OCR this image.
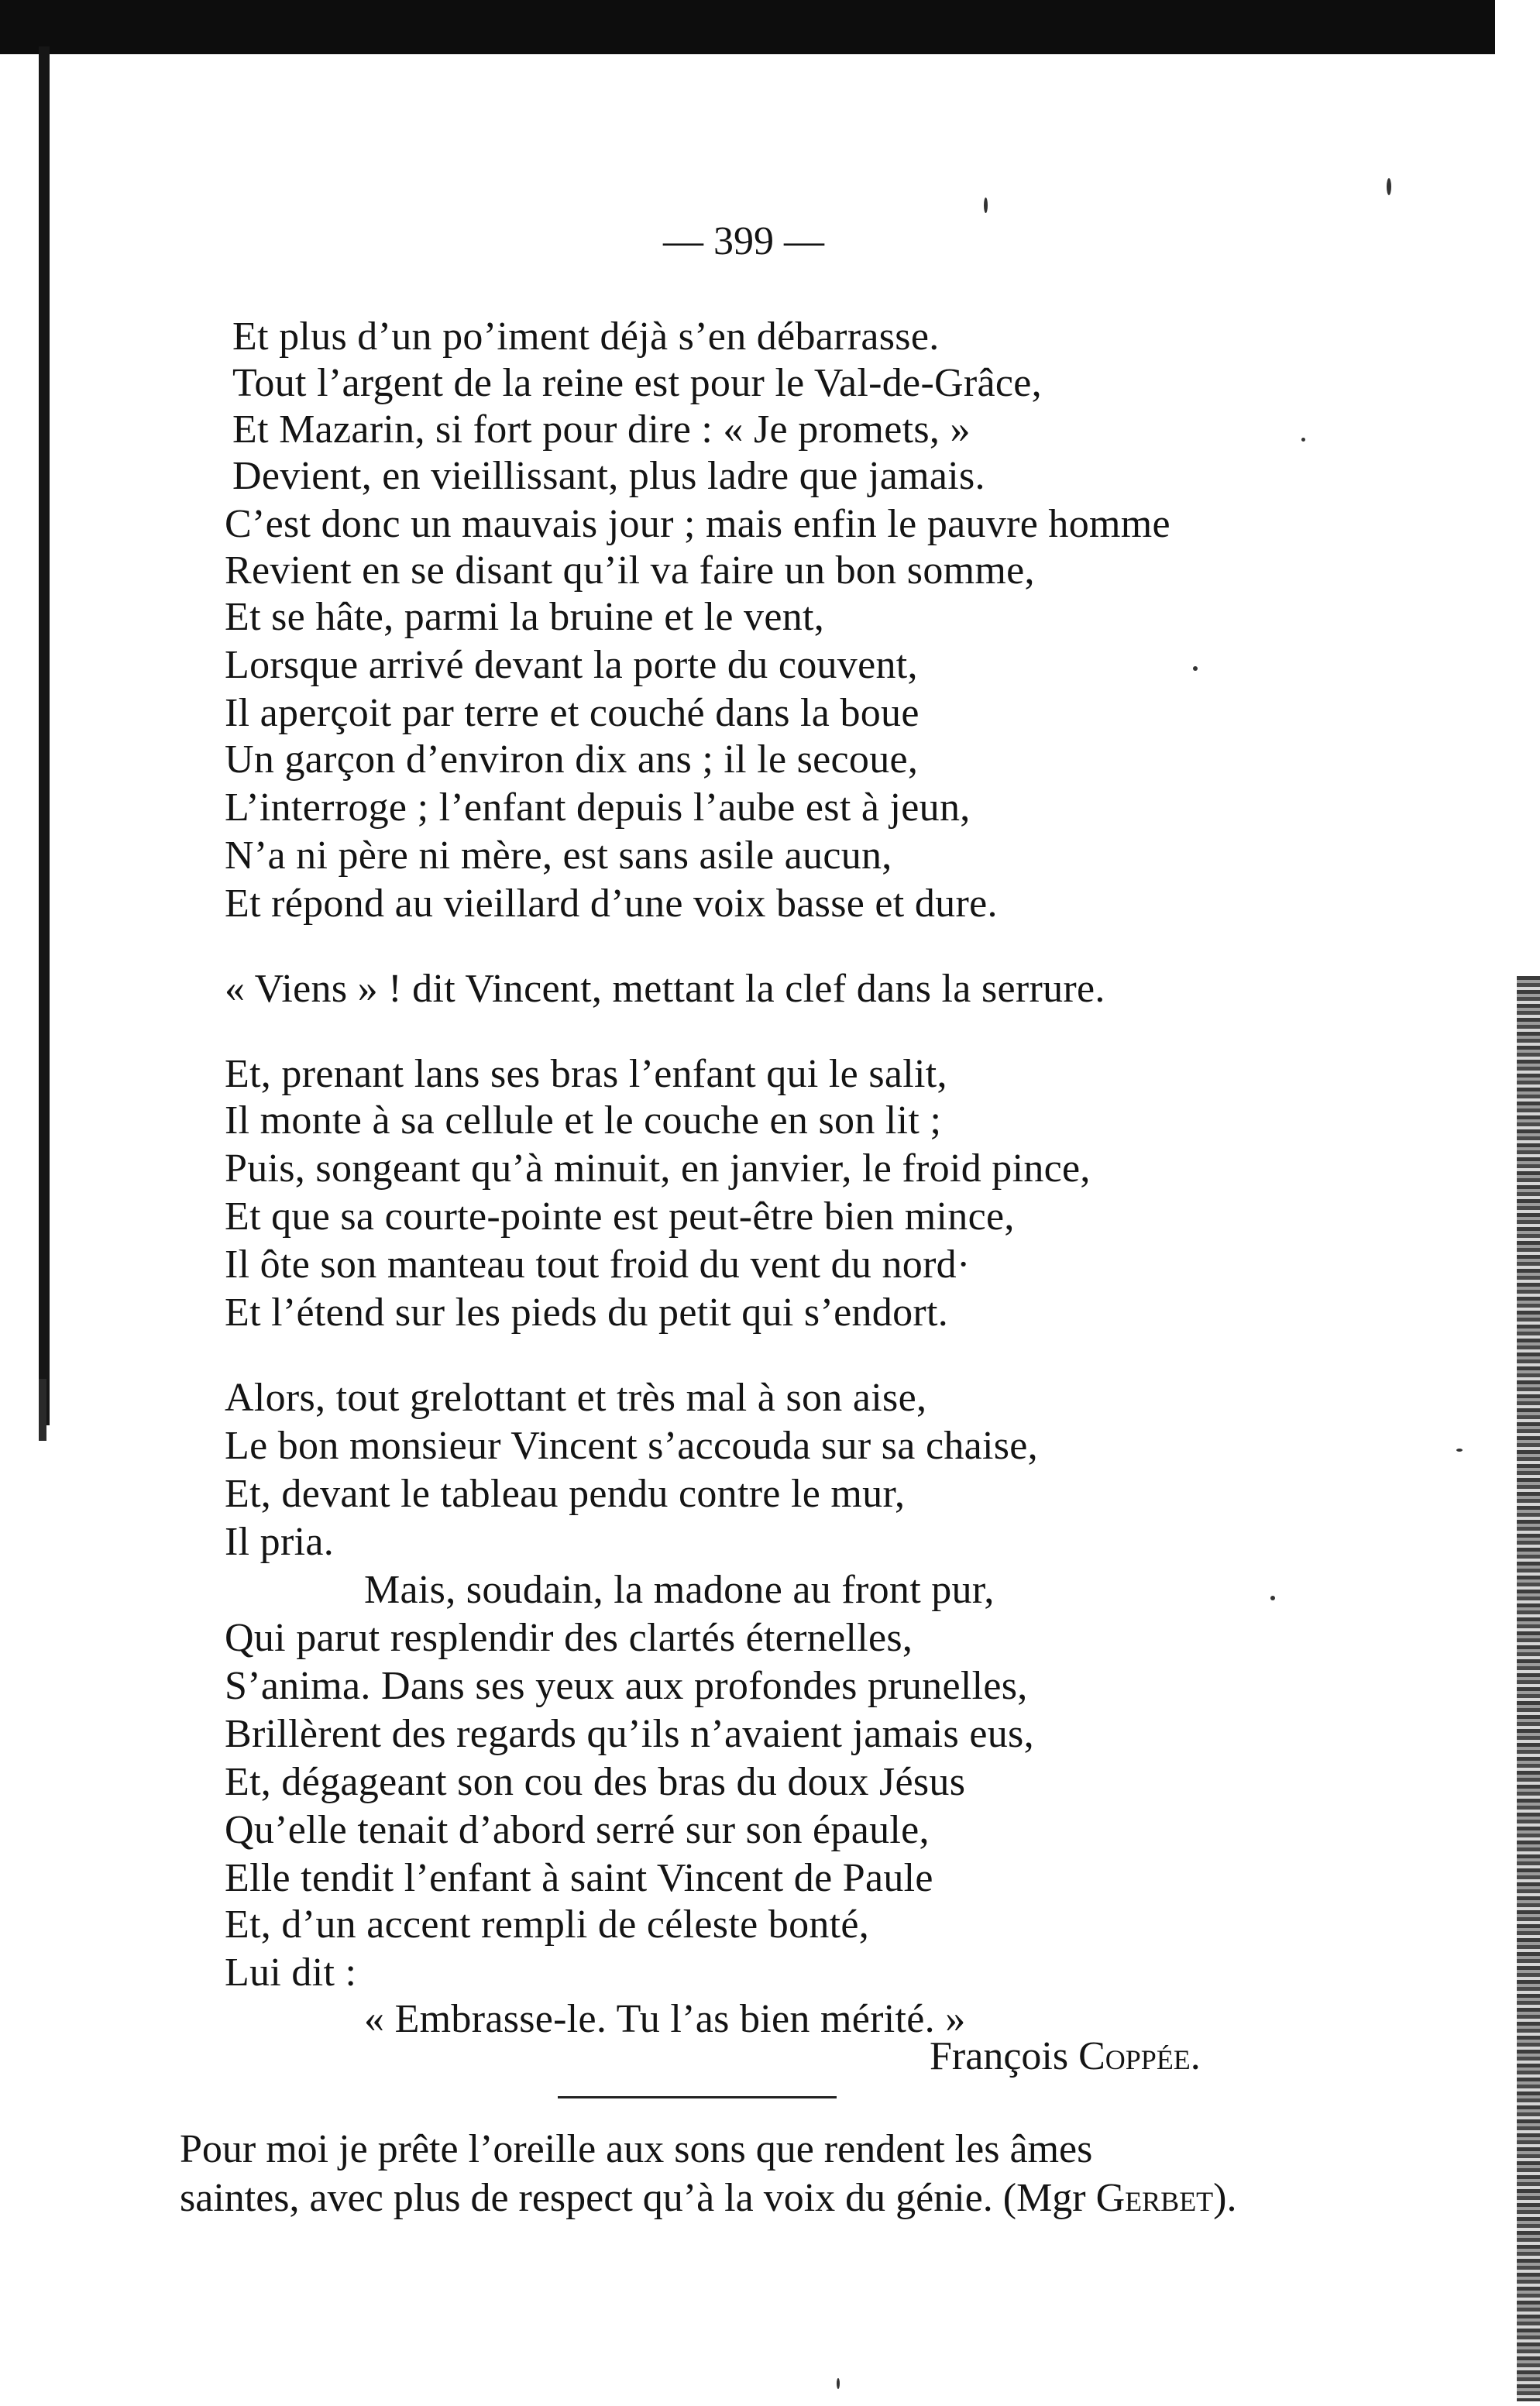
— 399 —
Et plus d’un po’iment déjà s’en débarrasse.
Tout l’argent de la reine est pour le Val-de-Grâce,
Et Mazarin, si fort pour dire : « Je promets, »
Devient, en vieillissant, plus ladre que jamais.
C’est donc un mauvais jour ; mais enfin le pauvre homme
Revient en se disant qu’il va faire un bon somme,
Et se hâte, parmi la bruine et le vent,
Lorsque arrivé devant la porte du couvent,
Il aperçoit par terre et couché dans la boue
Un garçon d’environ dix ans ; il le secoue,
L’interroge ; l’enfant depuis l’aube est à jeun,
N’a ni père ni mère, est sans asile aucun,
Et répond au vieillard d’une voix basse et dure.
« Viens » ! dit Vincent, mettant la clef dans la serrure.
Et, prenant lans ses bras l’enfant qui le salit,
Il monte à sa cellule et le couche en son lit ;
Puis, songeant qu’à minuit, en janvier, le froid pince,
Et que sa courte-pointe est peut-être bien mince,
Il ôte son manteau tout froid du vent du nord·
Et l’étend sur les pieds du petit qui s’endort.
Alors, tout grelottant et très mal à son aise,
Le bon monsieur Vincent s’accouda sur sa chaise,
Et, devant le tableau pendu contre le mur,
Il pria.
Mais, soudain, la madone au front pur,
Qui parut resplendir des clartés éternelles,
S’anima. Dans ses yeux aux profondes prunelles,
Brillèrent des regards qu’ils n’avaient jamais eus,
Et, dégageant son cou des bras du doux Jésus
Qu’elle tenait d’abord serré sur son épaule,
Elle tendit l’enfant à saint Vincent de Paule
Et, d’un accent rempli de céleste bonté,
Lui dit :
« Embrasse-le. Tu l’as bien mérité. »
François Coppée.
Pour moi je prête l’oreille aux sons que rendent les âmes
saintes, avec plus de respect qu’à la voix du génie. (Mgr Gerbet).
